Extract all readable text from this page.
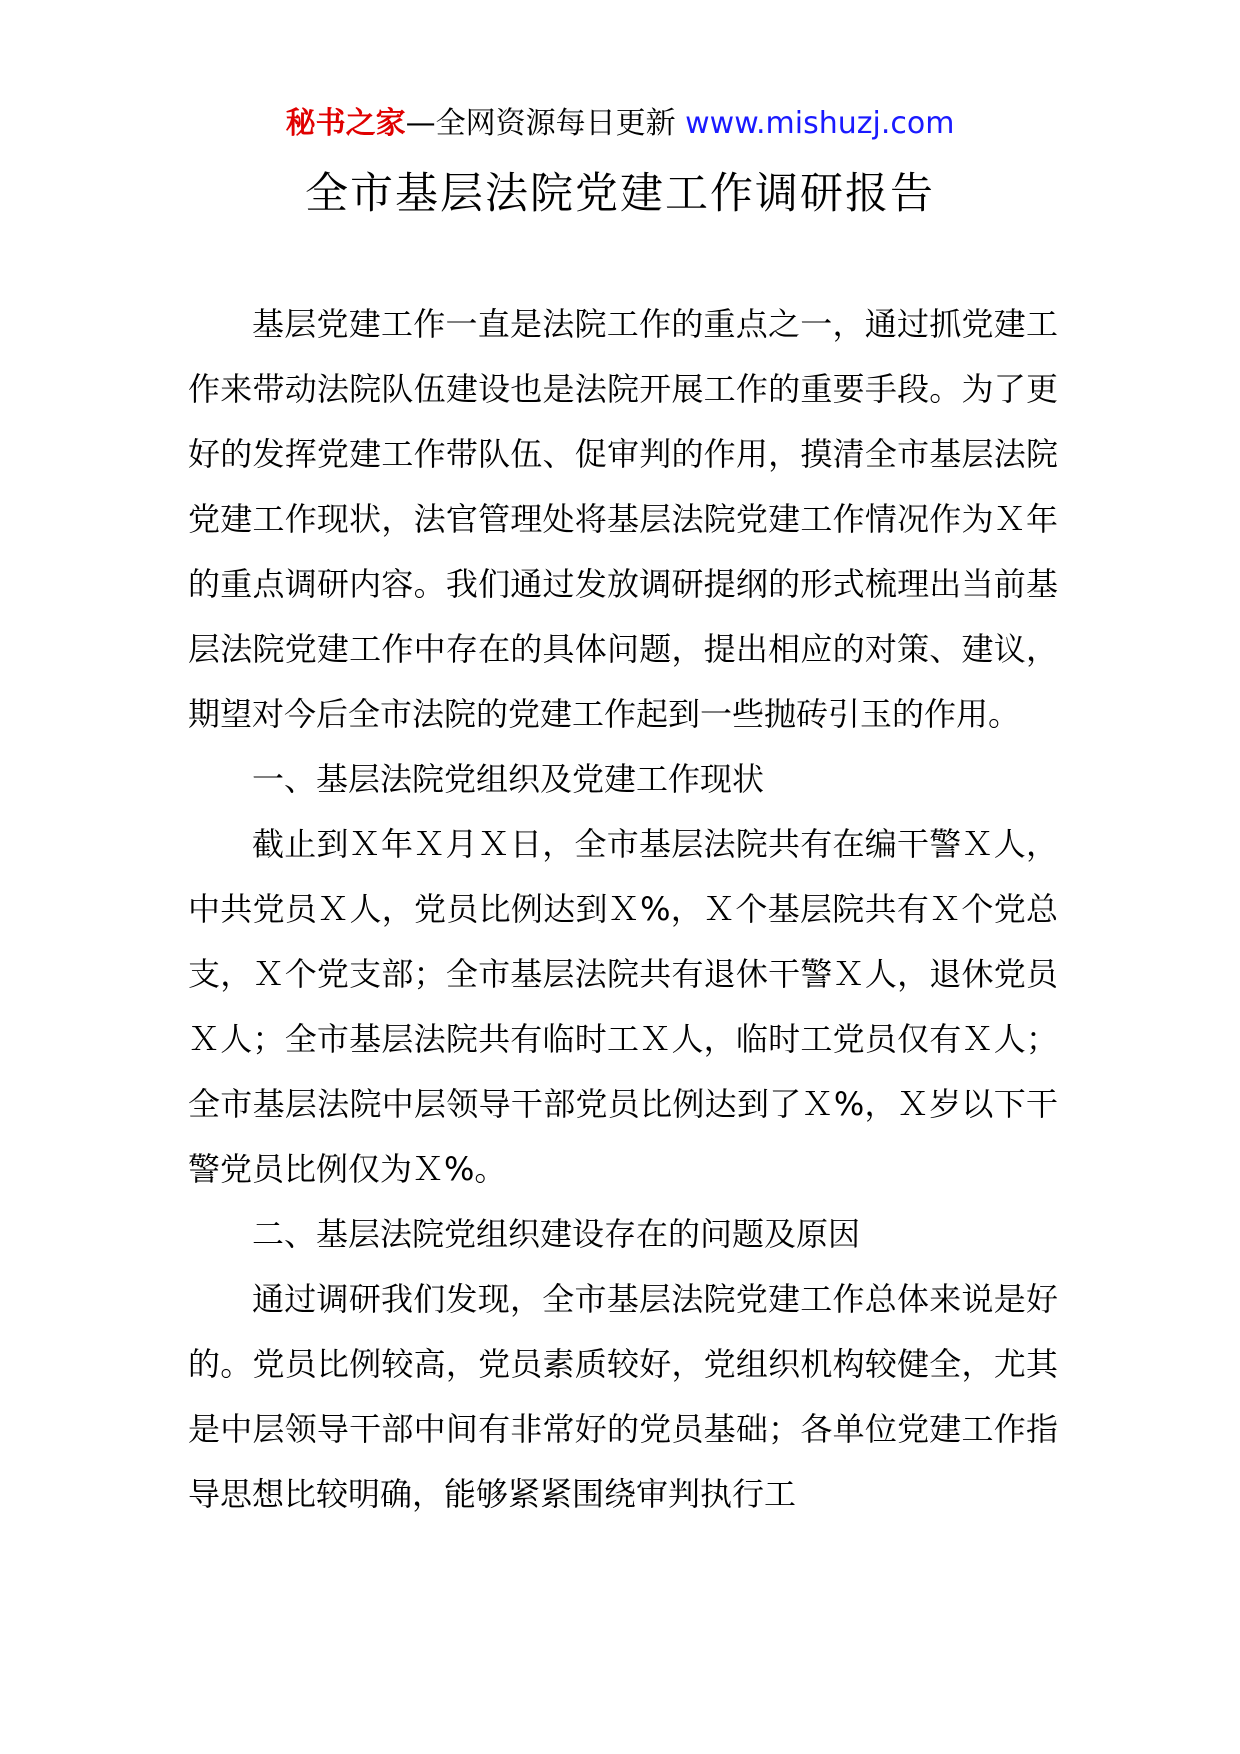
秘书之家—全网资源每日更新 www.mishuzj.com
全市基层法院党建工作调研报告

基层党建工作一直是法院工作的重点之一，通过抓党建工作来带动法院队伍建设也是法院开展工作的重要手段。为了更好的发挥党建工作带队伍、促审判的作用，摸清全市基层法院党建工作现状，法官管理处将基层法院党建工作情况作为Ｘ年的重点调研内容。我们通过发放调研提纲的形式梳理出当前基层法院党建工作中存在的具体问题，提出相应的对策、建议，期望对今后全市法院的党建工作起到一些抛砖引玉的作用。

一、基层法院党组织及党建工作现状

截止到Ｘ年Ｘ月Ｘ日，全市基层法院共有在编干警Ｘ人，中共党员Ｘ人，党员比例达到Ｘ%，Ｘ个基层院共有Ｘ个党总支，Ｘ个党支部；全市基层法院共有退休干警Ｘ人，退休党员Ｘ人；全市基层法院共有临时工Ｘ人，临时工党员仅有Ｘ人；全市基层法院中层领导干部党员比例达到了Ｘ%，Ｘ岁以下干警党员比例仅为Ｘ%。

二、基层法院党组织建设存在的问题及原因

通过调研我们发现，全市基层法院党建工作总体来说是好的。党员比例较高，党员素质较好，党组织机构较健全，尤其是中层领导干部中间有非常好的党员基础；各单位党建工作指导思想比较明确，能够紧紧围绕审判执行工
